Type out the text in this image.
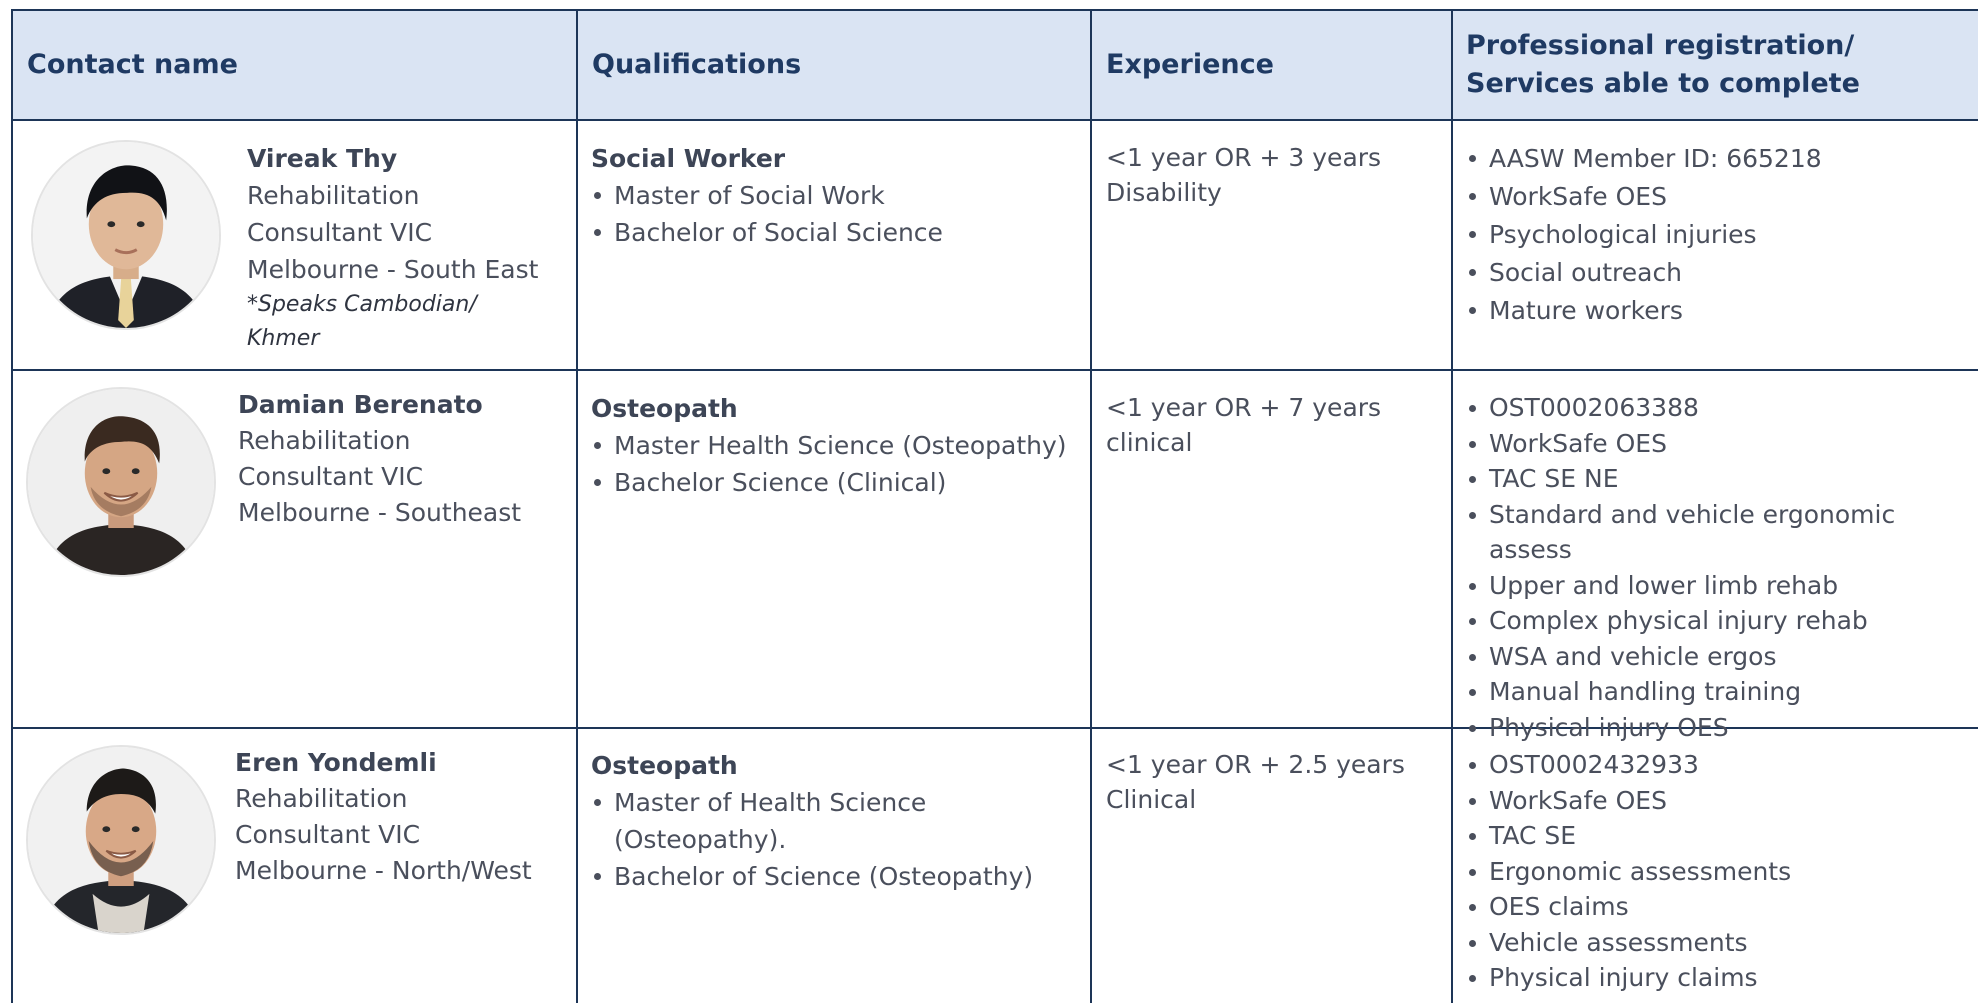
Contact name	Qualifications	Experience
Professional registration/
Services able to complete
Vireak Thy
Rehabilitation
Consultant VIC
Melbourne - South East
*Speaks Cambodian/
Khmer
Social Worker
Master of Social Work
Bachelor of Social Science
<1 year OR + 3 years
Disability
AASW Member ID: 665218
WorkSafe OES
Psychological injuries
Social outreach
Mature workers
Damian Berenato
Rehabilitation
Consultant VIC
Melbourne - Southeast
Osteopath
Master Health Science (Osteopathy)
Bachelor Science (Clinical)
<1 year OR + 7 years
clinical
OST0002063388
WorkSafe OES
TAC SE NE
Standard and vehicle ergonomic assess
Upper and lower limb rehab
Complex physical injury rehab
WSA and vehicle ergos
Manual handling training
Physical injury OES
Eren Yondemli
Rehabilitation
Consultant VIC
Melbourne - North/West
Osteopath
Master of Health Science (Osteopathy).
Bachelor of Science (Osteopathy)
<1 year OR + 2.5 years
Clinical
OST0002432933
WorkSafe OES
TAC SE
Ergonomic assessments
OES claims
Vehicle assessments
Physical injury claims
